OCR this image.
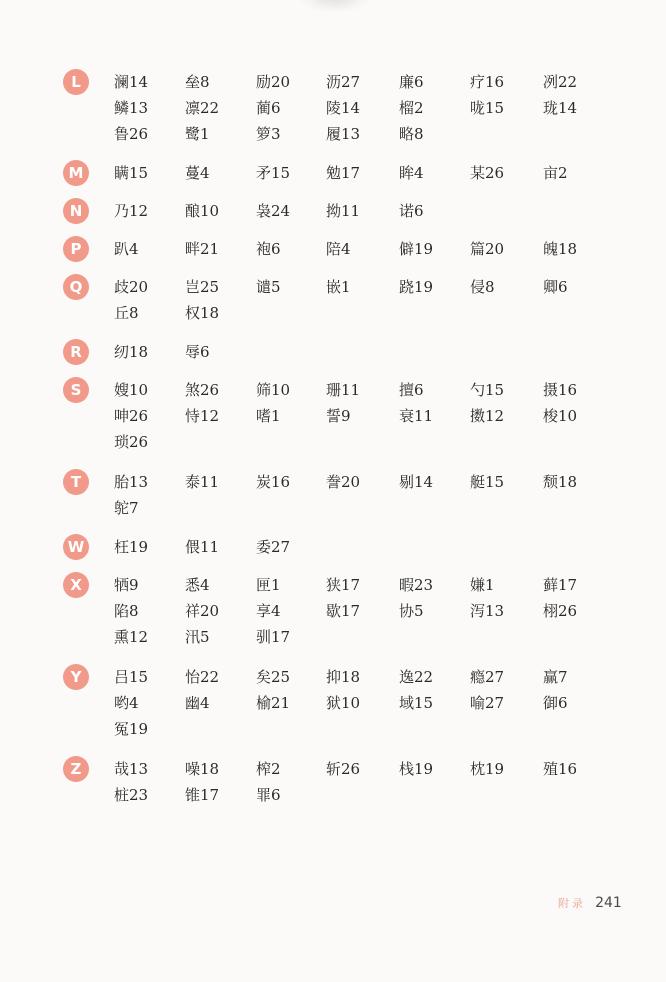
L	澜14 垒8	励20 沥27	廉6	疗16	冽22
鳞13 凛22 蔺6	陵14	榴2	咙15	珑14
鲁26 鹭1	箩3	履13	略8
M	瞒15 蔓4	矛15 勉17	眸4	某26	亩2
N	乃12 酿10 袅24 拗11	诺6
P	趴4	畔21 袍6	陪4	僻19 篇20	魄18
Q	歧20 岂25 谴5	嵌1	跷19 侵8	卿6
丘8	权18
R	纫18 辱6
S	嫂10 煞26 筛10 珊11	擅6	勺15	摄16
呻26 恃12 嗜1	誓9	衰11 擞12	梭10
琐26
T	胎13 泰11 炭16 誊20	剔14 艇15	颓18
鸵7
W	枉19 偎11 委27
X	牺9	悉4	匣1	狭17	暇23 嫌1	藓17
陷8	祥20 享4	歇17	协5	泻13	栩26
熏12 汛5	驯17
Y	吕15 怡22 矣25 抑18	逸22 瘾27	赢7
哟4	幽4	榆21 狱10	域15 喻27	御6
冤19
Z	哉13 噪18 榨2	斩26	栈19 枕19	殖16
桩23 锥17 罪6
附录 241
